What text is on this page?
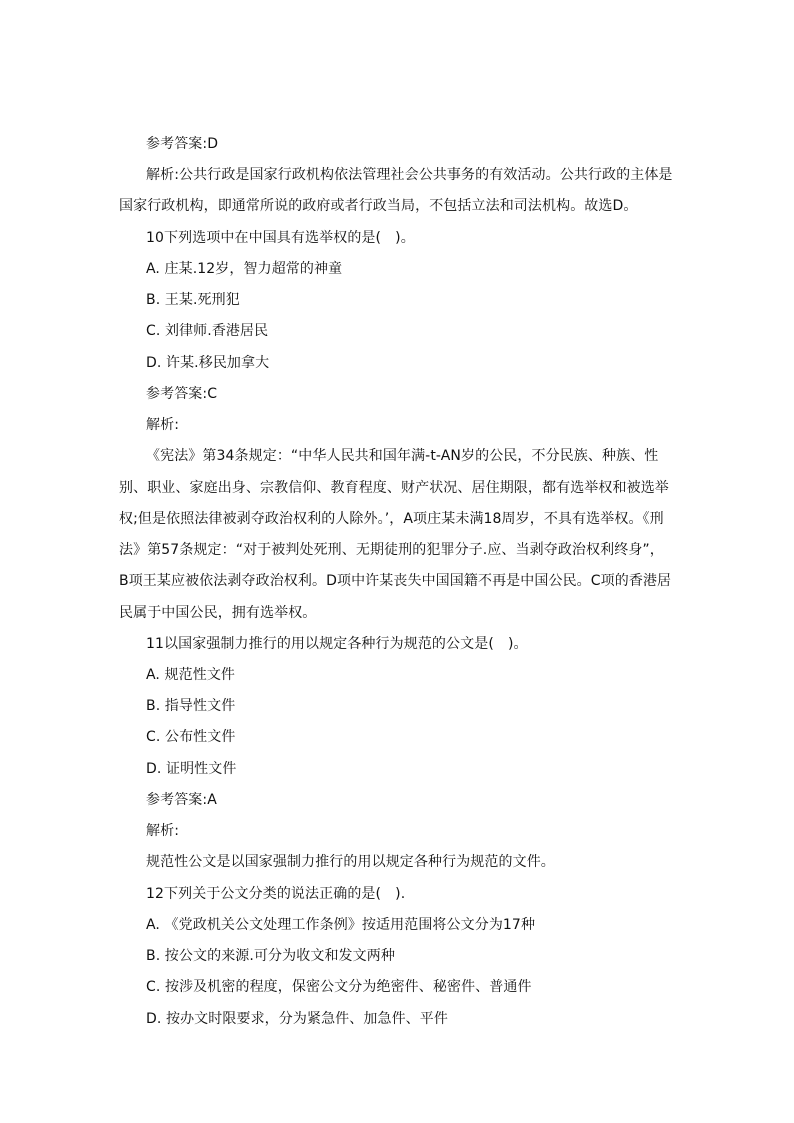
参考答案:D
解析:公共行政是国家行政机构依法管理社会公共事务的有效活动。公共行政的主体是
国家行政机构，即通常所说的政府或者行政当局，不包括立法和司法机构。故选D。
10下列选项中在中国具有选举权的是(　)。
A. 庄某.12岁，智力超常的神童
B. 王某.死刑犯
C. 刘律师.香港居民
D. 许某.移民加拿大
参考答案:C
解析:
《宪法》第34条规定：“中华人民共和国年满-t-AN岁的公民，不分民族、种族、性
别、职业、家庭出身、宗教信仰、教育程度、财产状况、居住期限，都有选举权和被选举
权;但是依照法律被剥夺政治权利的人除外。’，A项庄某未满18周岁，不具有选举权。《刑
法》第57条规定：“对于被判处死刑、无期徒刑的犯罪分子.应、当剥夺政治权利终身”，
B项王某应被依法剥夺政治权利。D项中许某丧失中国国籍不再是中国公民。C项的香港居
民属于中国公民，拥有选举权。
11以国家强制力推行的用以规定各种行为规范的公文是(　)。
A. 规范性文件
B. 指导性文件
C. 公布性文件
D. 证明性文件
参考答案:A
解析:
规范性公文是以国家强制力推行的用以规定各种行为规范的文件。
12下列关于公文分类的说法正确的是(　).
A. 《党政机关公文处理工作条例》按适用范围将公文分为17种
B. 按公文的来源.可分为收文和发文两种
C. 按涉及机密的程度，保密公文分为绝密件、秘密件、普通件
D. 按办文时限要求，分为紧急件、加急件、平件
